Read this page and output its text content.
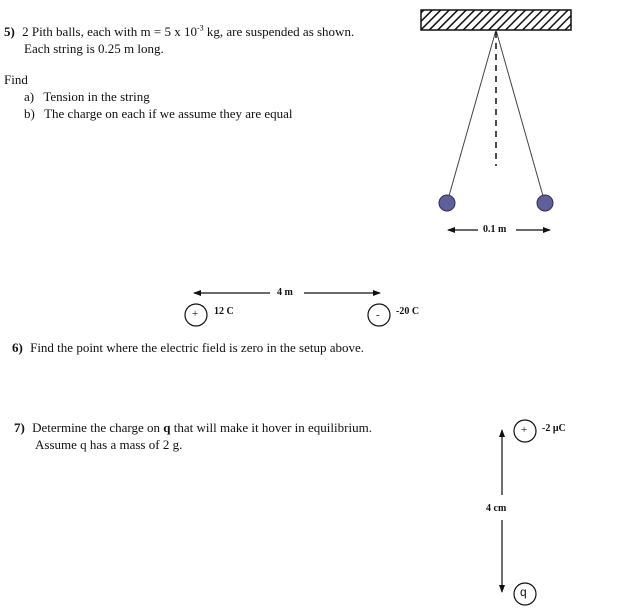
5) 2 Pith balls, each with m = 5 x $10^{-3}$ kg, are suspended as shown.
Each string is 0.25 m long.
Find
a) Tension in the string
b) The charge on each if we assume they are equal
0.1 m
4 m
+ 12 C	- -20 C
6) Find the point where the electric field is zero in the setup above.
7) Determine the charge on q that will make it hover in equilibrium.
Assume q has a mass of 2 g.
+ -2 μC
4 cm
q
